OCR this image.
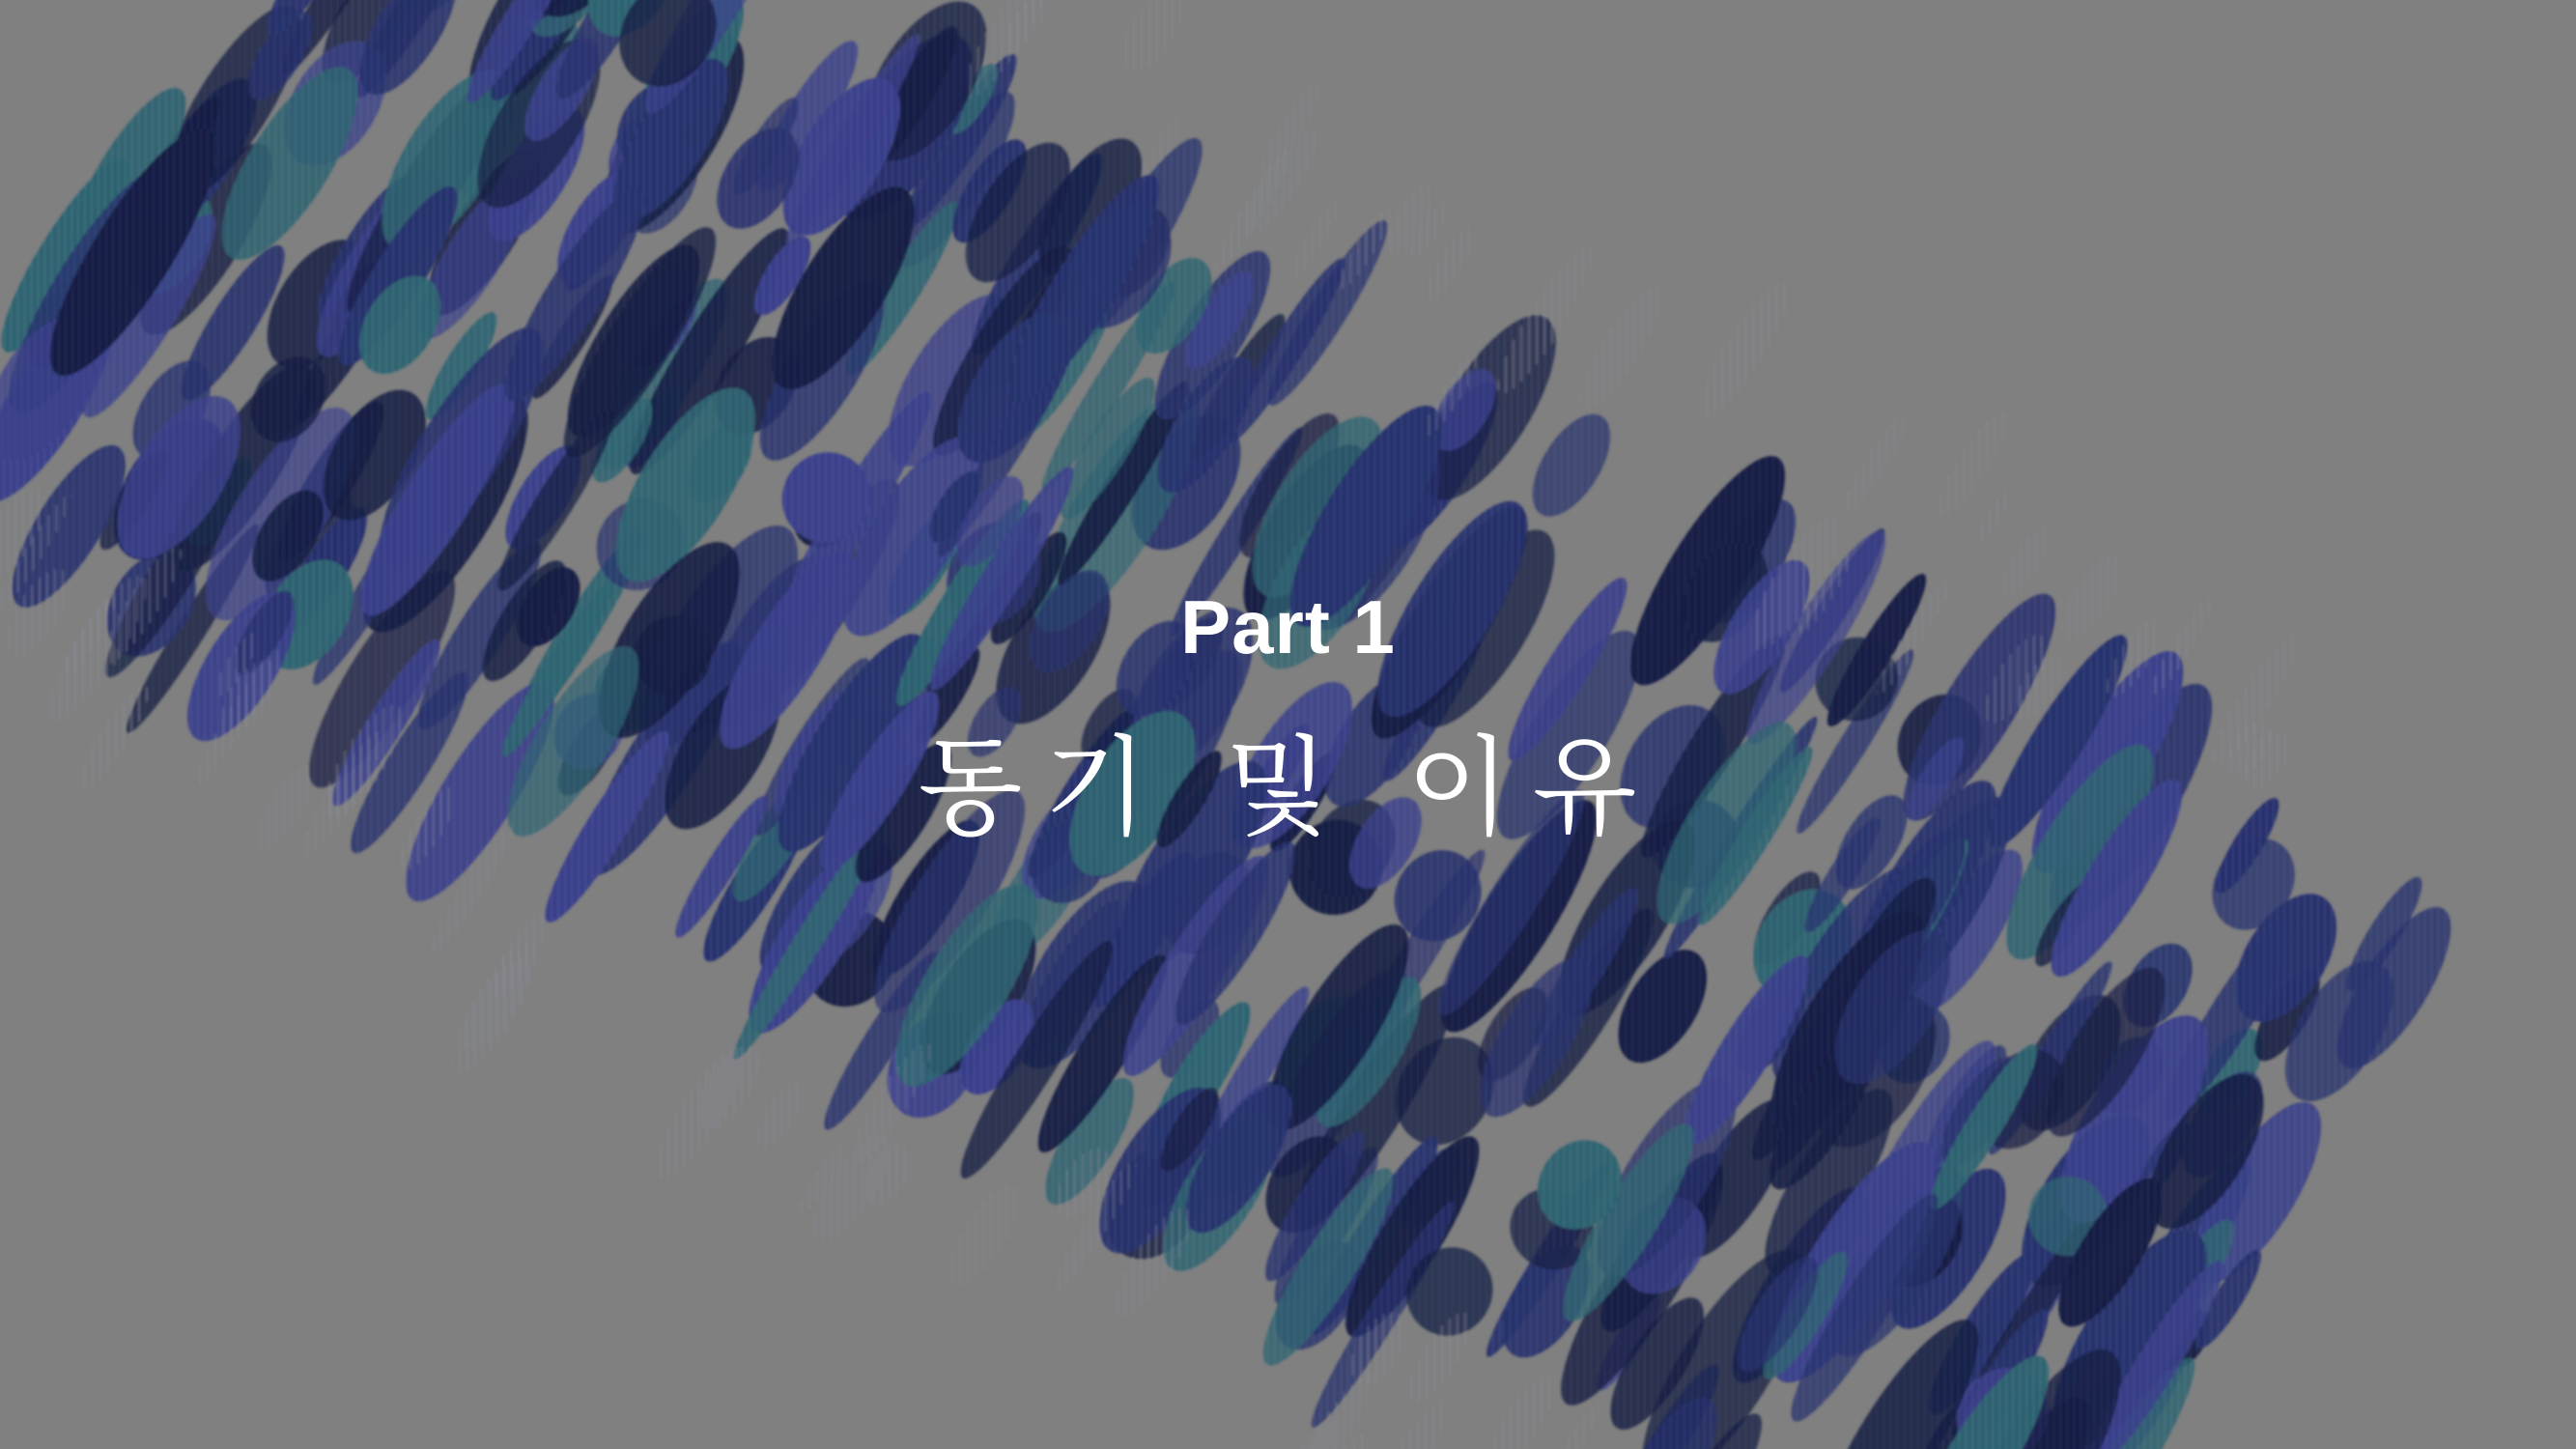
Part 1
동기 및 이유
